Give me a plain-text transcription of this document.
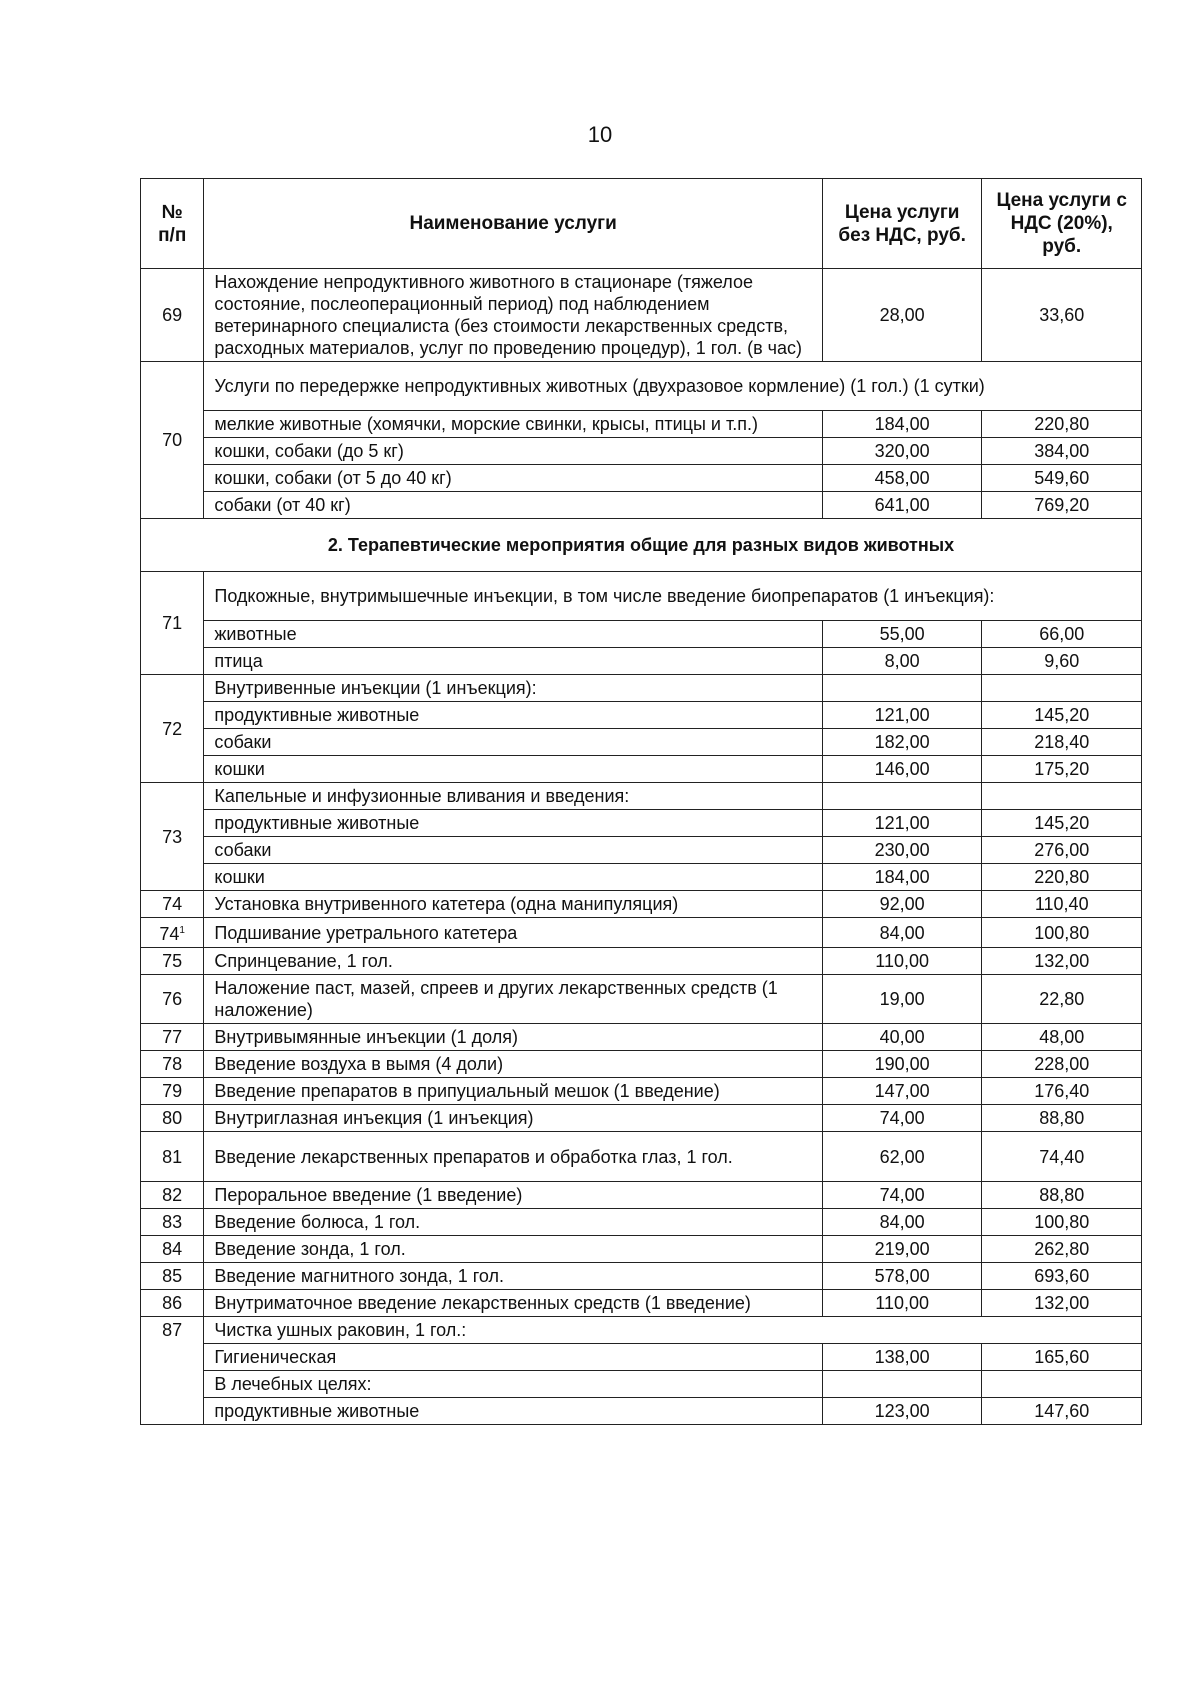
10
№ п/п	Наименование услуги	Цена услуги без НДС, руб.	Цена услуги с НДС (20%), руб.
69	Нахождение непродуктивного животного в стационаре (тяжелое состояние, послеоперационный период) под наблюдением ветеринарного специалиста (без стоимости лекарственных средств, расходных материалов, услуг по проведению процедур), 1 гол. (в час)	28,00	33,60
70	Услуги по передержке непродуктивных животных (двухразовое кормление) (1 гол.) (1 сутки)		
	мелкие животные (хомячки, морские свинки, крысы, птицы и т.п.)	184,00	220,80
	кошки, собаки (до 5 кг)	320,00	384,00
	кошки, собаки (от 5 до 40 кг)	458,00	549,60
	собаки (от 40 кг)	641,00	769,20
2. Терапевтические мероприятия общие для разных видов животных			
71	Подкожные, внутримышечные инъекции, в том числе введение биопрепаратов (1 инъекция):		
	животные	55,00	66,00
	птица	8,00	9,60
72	Внутривенные инъекции (1 инъекция):		
	продуктивные животные	121,00	145,20
	собаки	182,00	218,40
	кошки	146,00	175,20
73	Капельные и инфузионные вливания и введения:		
	продуктивные животные	121,00	145,20
	собаки	230,00	276,00
	кошки	184,00	220,80
74	Установка внутривенного катетера (одна манипуляция)	92,00	110,40
$74^1$	Подшивание уретрального катетера	84,00	100,80
75	Спринцевание, 1 гол.	110,00	132,00
76	Наложение паст, мазей, спреев и других лекарственных средств (1 наложение)	19,00	22,80
77	Внутривымянные инъекции (1 доля)	40,00	48,00
78	Введение воздуха в вымя (4 доли)	190,00	228,00
79	Введение препаратов в припуциальный мешок (1 введение)	147,00	176,40
80	Внутриглазная инъекция (1 инъекция)	74,00	88,80
81	Введение лекарственных препаратов и обработка глаз, 1 гол.	62,00	74,40
82	Пероральное введение (1 введение)	74,00	88,80
83	Введение болюса, 1 гол.	84,00	100,80
84	Введение зонда, 1 гол.	219,00	262,80
85	Введение магнитного зонда, 1 гол.	578,00	693,60
86	Внутриматочное введение лекарственных средств (1 введение)	110,00	132,00
87	Чистка ушных раковин, 1 гол.:		
	Гигиеническая	138,00	165,60
	В лечебных целях:		
	продуктивные животные	123,00	147,60
